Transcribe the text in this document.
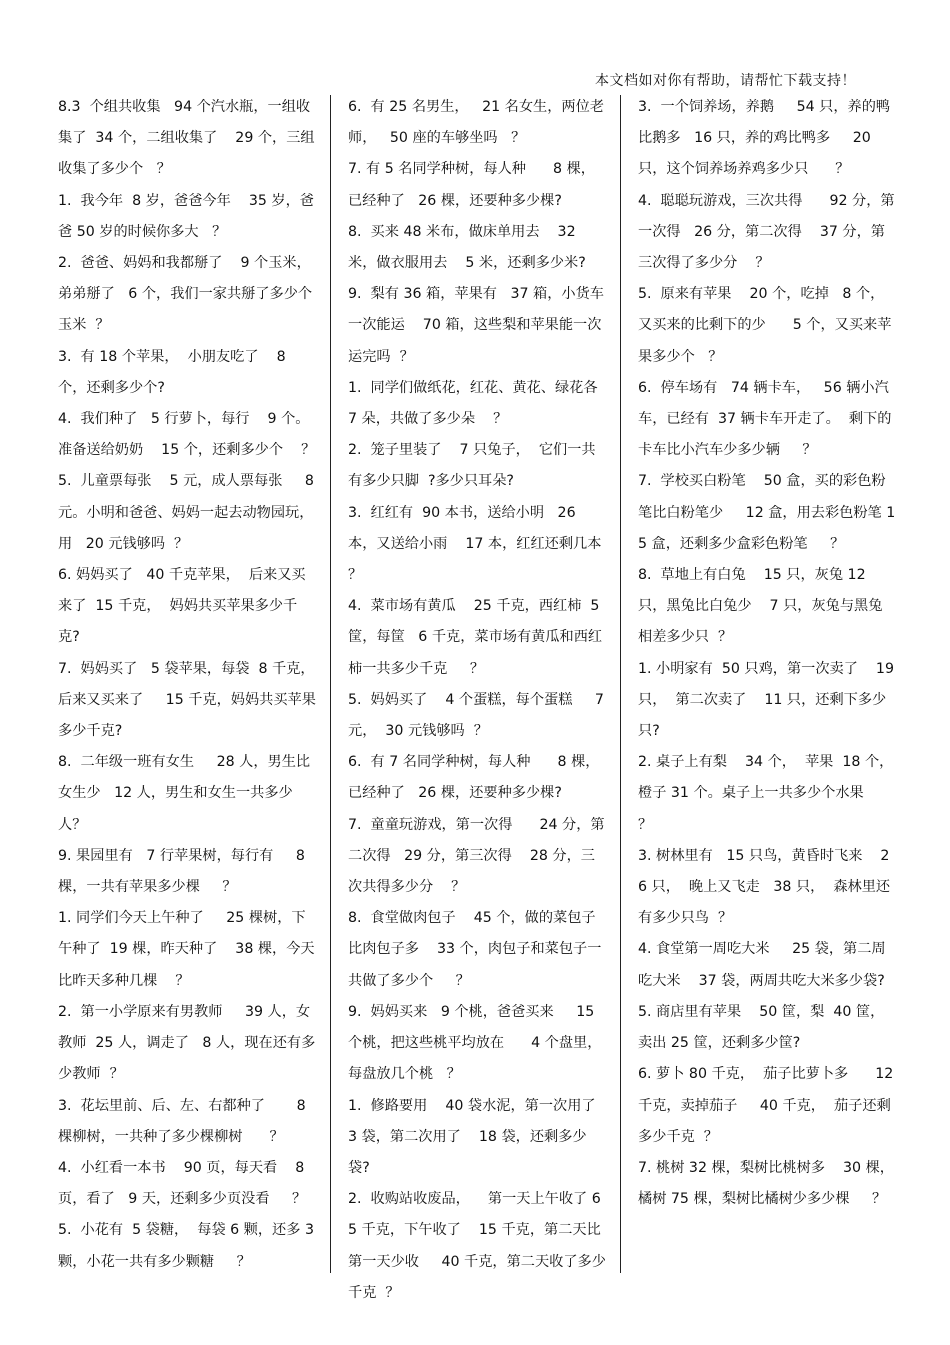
本文档如对你有帮助，请帮忙下载支持！

8.3  个组共收集   94 个汽水瓶，一组收集了  34 个，二组收集了    29 个，三组收集了多少个   ？

1.  我今年  8 岁，爸爸今年    35 岁，爸爸 50 岁的时候你多大   ？

2.  爸爸、妈妈和我都掰了    9 个玉米，弟弟掰了   6 个，我们一家共掰了多少个玉米  ？

3.  有 18 个苹果，  小朋友吃了    8 个，还剩多少个?

4.  我们种了   5 行萝卜，每行    9 个。准备送给奶奶    15 个，还剩多少个    ？

5.  儿童票每张    5 元，成人票每张     8 元。小明和爸爸、妈妈一起去动物园玩，用   20 元钱够吗  ？

6. 妈妈买了   40 千克苹果，  后来又买来了  15 千克，  妈妈共买苹果多少千克?

7.  妈妈买了   5 袋苹果，每袋  8 千克，后来又买来了     15 千克，妈妈共买苹果多少千克?

8.  二年级一班有女生     28 人，男生比女生少   12 人，男生和女生一共多少人？

9. 果园里有   7 行苹果树，每行有     8 棵，一共有苹果多少棵     ？

1. 同学们今天上午种了     25 棵树，下午种了  19 棵，昨天种了    38 棵，今天比昨天多种几棵    ？

2.  第一小学原来有男教师     39 人，女教师  25 人，调走了   8 人，现在还有多少教师  ？

3.  花坛里前、后、左、右都种了       8 棵柳树，一共种了多少棵柳树      ？

4.  小红看一本书    90 页，每天看    8 页，看了   9 天，还剩多少页没看     ？

5.  小花有  5 袋糖，  每袋 6 颗，还多 3 颗，小花一共有多少颗糖     ？

6.  有 25 名男生，   21 名女生，两位老师，   50 座的车够坐吗   ？

7. 有 5 名同学种树，每人种      8 棵，已经种了   26 棵，还要种多少棵?

8.  买来 48 米布，做床单用去    32 米，做衣服用去    5 米，还剩多少米?

9.  梨有 36 箱，苹果有   37 箱，小货车一次能运    70 箱，这些梨和苹果能一次运完吗  ？

1.  同学们做纸花，红花、黄花、绿花各 7 朵，共做了多少朵    ？

2.  笼子里装了    7 只兔子，  它们一共有多少只脚  ?多少只耳朵?

3.  红红有  90 本书，送给小明   26 本，又送给小雨    17 本，红红还剩几本    ？

4.  菜市场有黄瓜    25 千克，西红柿  5 筐，每筐   6 千克，菜市场有黄瓜和西红柿一共多少千克     ？

5.  妈妈买了    4 个蛋糕，每个蛋糕     7 元，  30 元钱够吗  ？

6.  有 7 名同学种树，每人种      8 棵，已经种了   26 棵，还要种多少棵?

7.  童童玩游戏，第一次得      24 分，第二次得   29 分，第三次得    28 分，三次共得多少分    ？

8.  食堂做肉包子    45 个，做的菜包子比肉包子多    33 个，肉包子和菜包子一共做了多少个     ？

9.  妈妈买来   9 个桃，爸爸买来     15 个桃，把这些桃平均放在      4 个盘里，每盘放几个桃   ？

1.  修路要用    40 袋水泥，第一次用了 3 袋，第二次用了    18 袋，还剩多少袋?

2.  收购站收废品，    第一天上午收了 65 千克，下午收了    15 千克，第二天比第一天少收     40 千克，第二天收了多少千克  ？

3.  一个饲养场，养鹅     54 只，养的鸭比鹅多   16 只，养的鸡比鸭多     20 只，这个饲养场养鸡多少只      ？

4.  聪聪玩游戏，三次共得      92 分，第一次得   26 分，第二次得    37 分，第三次得了多少分    ？

5.  原来有苹果    20 个，吃掉   8 个，又买来的比剩下的少      5 个，又买来苹果多少个   ？

6.  停车场有   74 辆卡车，   56 辆小汽车，已经有  37 辆卡车开走了。  剩下的卡车比小汽车少多少辆     ？

7.  学校买白粉笔    50 盒，买的彩色粉笔比白粉笔少     12 盒，用去彩色粉笔 15 盒，还剩多少盒彩色粉笔     ？

8.  草地上有白兔    15 只，灰兔 12 只，黑兔比白兔少    7 只，灰兔与黑兔相差多少只  ？

1. 小明家有  50 只鸡，第一次卖了    19 只，  第二次卖了    11 只，还剩下多少只?

2. 桌子上有梨    34 个，  苹果  18 个，橙子 31 个。桌子上一共多少个水果     ？

3. 树林里有   15 只鸟，黄昏时飞来    26 只，  晚上又飞走   38 只，  森林里还有多少只鸟  ？

4. 食堂第一周吃大米     25 袋，第二周吃大米    37 袋，两周共吃大米多少袋?

5. 商店里有苹果    50 筐，梨  40 筐，卖出 25 筐，还剩多少筐?

6. 萝卜 80 千克，  茄子比萝卜多      12 千克，卖掉茄子     40 千克，  茄子还剩多少千克  ？

7. 桃树 32 棵，梨树比桃树多    30 棵，橘树 75 棵，梨树比橘树少多少棵     ？
